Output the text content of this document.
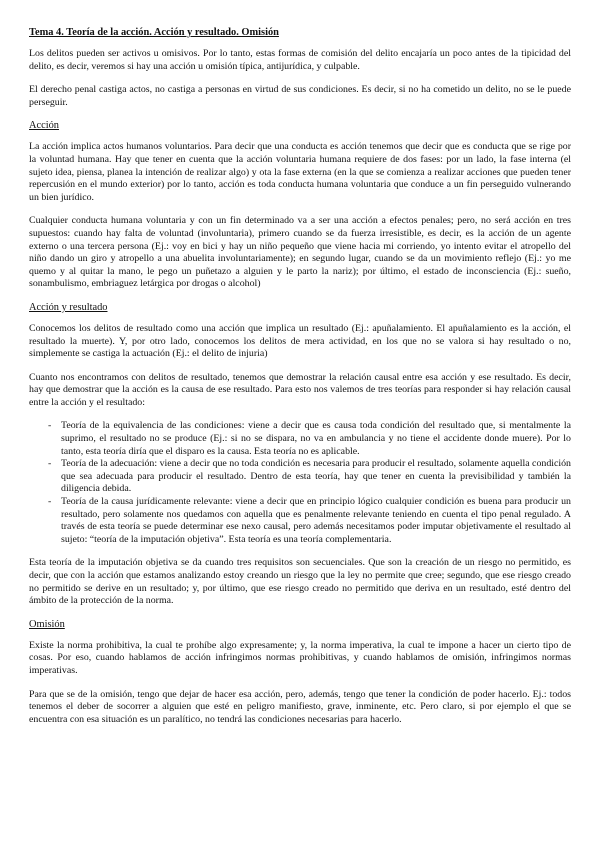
Tema 4. Teoría de la acción. Acción y resultado. Omisión

Los delitos pueden ser activos u omisivos. Por lo tanto, estas formas de comisión del delito encajaría un poco antes de la tipicidad del delito, es decir, veremos si hay una acción u omisión típica, antijurídica, y culpable.

El derecho penal castiga actos, no castiga a personas en virtud de sus condiciones. Es decir, si no ha cometido un delito, no se le puede perseguir.

Acción

La acción implica actos humanos voluntarios. Para decir que una conducta es acción tenemos que decir que es conducta que se rige por la voluntad humana. Hay que tener en cuenta que la acción voluntaria humana requiere de dos fases: por un lado, la fase interna (el sujeto idea, piensa, planea la intención de realizar algo) y ota la fase externa (en la que se comienza a realizar acciones que pueden tener repercusión en el mundo exterior) por lo tanto, acción es toda conducta humana voluntaria que conduce a un fin perseguido vulnerando un bien jurídico.

Cualquier conducta humana voluntaria y con un fin determinado va a ser una acción a efectos penales; pero, no será acción en tres supuestos: cuando hay falta de voluntad (involuntaria), primero cuando se da fuerza irresistible, es decir, es la acción de un agente externo o una tercera persona (Ej.: voy en bici y hay un niño pequeño que viene hacia mi corriendo, yo intento evitar el atropello del niño dando un giro y atropello a una abuelita involuntariamente); en segundo lugar, cuando se da un movimiento reflejo (Ej.: yo me quemo y al quitar la mano, le pego un puñetazo a alguien y le parto la nariz); por último, el estado de inconsciencia (Ej.: sueño, sonambulismo, embriaguez letárgica por drogas o alcohol)

Acción y resultado

Conocemos los delitos de resultado como una acción que implica un resultado (Ej.: apuñalamiento. El apuñalamiento es la acción, el resultado la muerte). Y, por otro lado, conocemos los delitos de mera actividad, en los que no se valora si hay resultado o no, simplemente se castiga la actuación (Ej.: el delito de injuria)

Cuanto nos encontramos con delitos de resultado, tenemos que demostrar la relación causal entre esa acción y ese resultado. Es decir, hay que demostrar que la acción es la causa de ese resultado. Para esto nos valemos de tres teorías para responder si hay relación causal entre la acción y el resultado:

- Teoría de la equivalencia de las condiciones: viene a decir que es causa toda condición del resultado que, si mentalmente la suprimo, el resultado no se produce (Ej.: si no se dispara, no va en ambulancia y no tiene el accidente donde muere). Por lo tanto, esta teoría diría que el disparo es la causa. Esta teoría no es aplicable.
- Teoría de la adecuación: viene a decir que no toda condición es necesaria para producir el resultado, solamente aquella condición que sea adecuada para producir el resultado. Dentro de esta teoría, hay que tener en cuenta la previsibilidad y también la diligencia debida.
- Teoría de la causa jurídicamente relevante: viene a decir que en principio lógico cualquier condición es buena para producir un resultado, pero solamente nos quedamos con aquella que es penalmente relevante teniendo en cuenta el tipo penal regulado. A través de esta teoría se puede determinar ese nexo causal, pero además necesitamos poder imputar objetivamente el resultado al sujeto: “teoría de la imputación objetiva”. Esta teoría es una teoría complementaria.

Esta teoría de la imputación objetiva se da cuando tres requisitos son secuenciales. Que son la creación de un riesgo no permitido, es decir, que con la acción que estamos analizando estoy creando un riesgo que la ley no permite que cree; segundo, que ese riesgo creado no permitido se derive en un resultado; y, por último, que ese riesgo creado no permitido que deriva en un resultado, esté dentro del ámbito de la protección de la norma.

Omisión

Existe la norma prohibitiva, la cual te prohíbe algo expresamente; y, la norma imperativa, la cual te impone a hacer un cierto tipo de cosas. Por eso, cuando hablamos de acción infringimos normas prohibitivas, y cuando hablamos de omisión, infringimos normas imperativas.

Para que se de la omisión, tengo que dejar de hacer esa acción, pero, además, tengo que tener la condición de poder hacerlo. Ej.: todos tenemos el deber de socorrer a alguien que esté en peligro manifiesto, grave, inminente, etc. Pero claro, si por ejemplo el que se encuentra con esa situación es un paralítico, no tendrá las condiciones necesarias para hacerlo.
